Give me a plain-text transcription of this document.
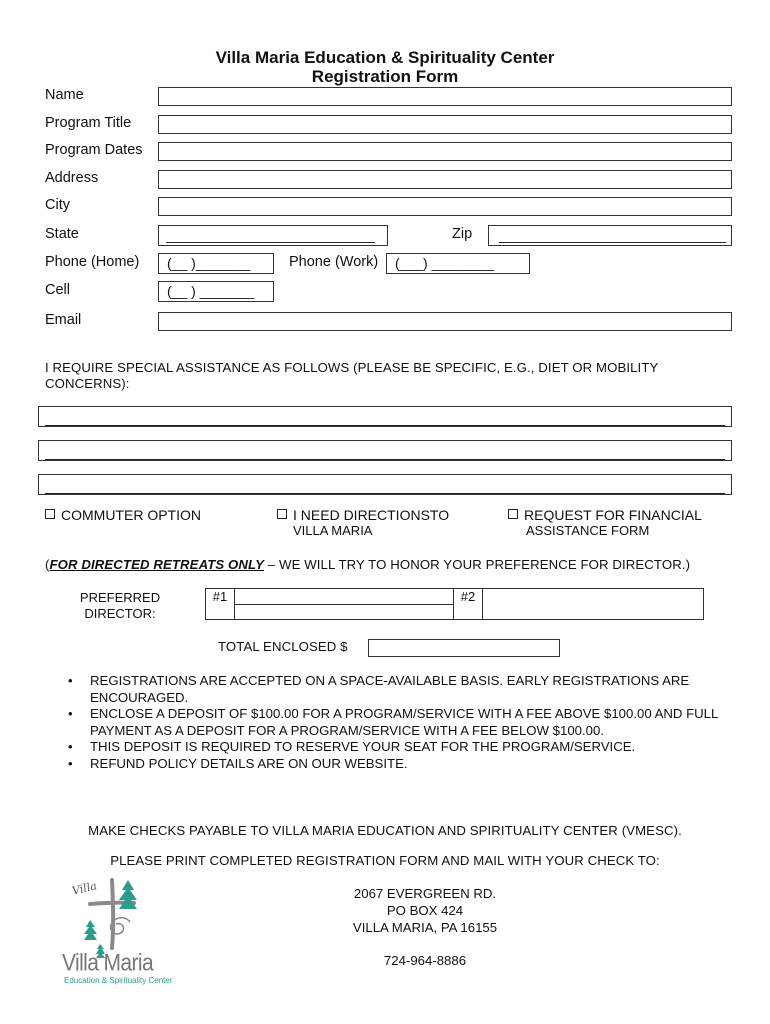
Villa Maria Education & Spirituality Center
Registration Form
Name
Program Title
Program Dates
Address
City
State	Zip
Phone (Home)	(__ )_______	Phone (Work)	(___) ________
Cell	(__ ) _______
Email
I REQUIRE SPECIAL ASSISTANCE AS FOLLOWS (PLEASE BE SPECIFIC, E.G., DIET OR MOBILITY
CONCERNS):
COMMUTER OPTION	I NEED DIRECTIONSTO
VILLA MARIA
REQUEST FOR FINANCIAL
ASSISTANCE FORM
(FOR DIRECTED RETREATS ONLY – WE WILL TRY TO HONOR YOUR PREFERENCE FOR DIRECTOR.)
PREFERRED
DIRECTOR:
#1		#2	

TOTAL ENCLOSED $
• REGISTRATIONS ARE ACCEPTED ON A SPACE-AVAILABLE BASIS. EARLY REGISTRATIONS ARE ENCOURAGED.
• ENCLOSE A DEPOSIT OF $100.00 FOR A PROGRAM/SERVICE WITH A FEE ABOVE $100.00 AND FULL PAYMENT AS A DEPOSIT FOR A PROGRAM/SERVICE WITH A FEE BELOW $100.00.
• THIS DEPOSIT IS REQUIRED TO RESERVE YOUR SEAT FOR THE PROGRAM/SERVICE.
• REFUND POLICY DETAILS ARE ON OUR WEBSITE.
MAKE CHECKS PAYABLE TO VILLA MARIA EDUCATION AND SPIRITUALITY CENTER (VMESC).
PLEASE PRINT COMPLETED REGISTRATION FORM AND MAIL WITH YOUR CHECK TO:
2067 EVERGREEN RD.
PO BOX 424
VILLA MARIA, PA 16155
724-964-8886
Villa
Villa Maria
Education & Spirituality Center
